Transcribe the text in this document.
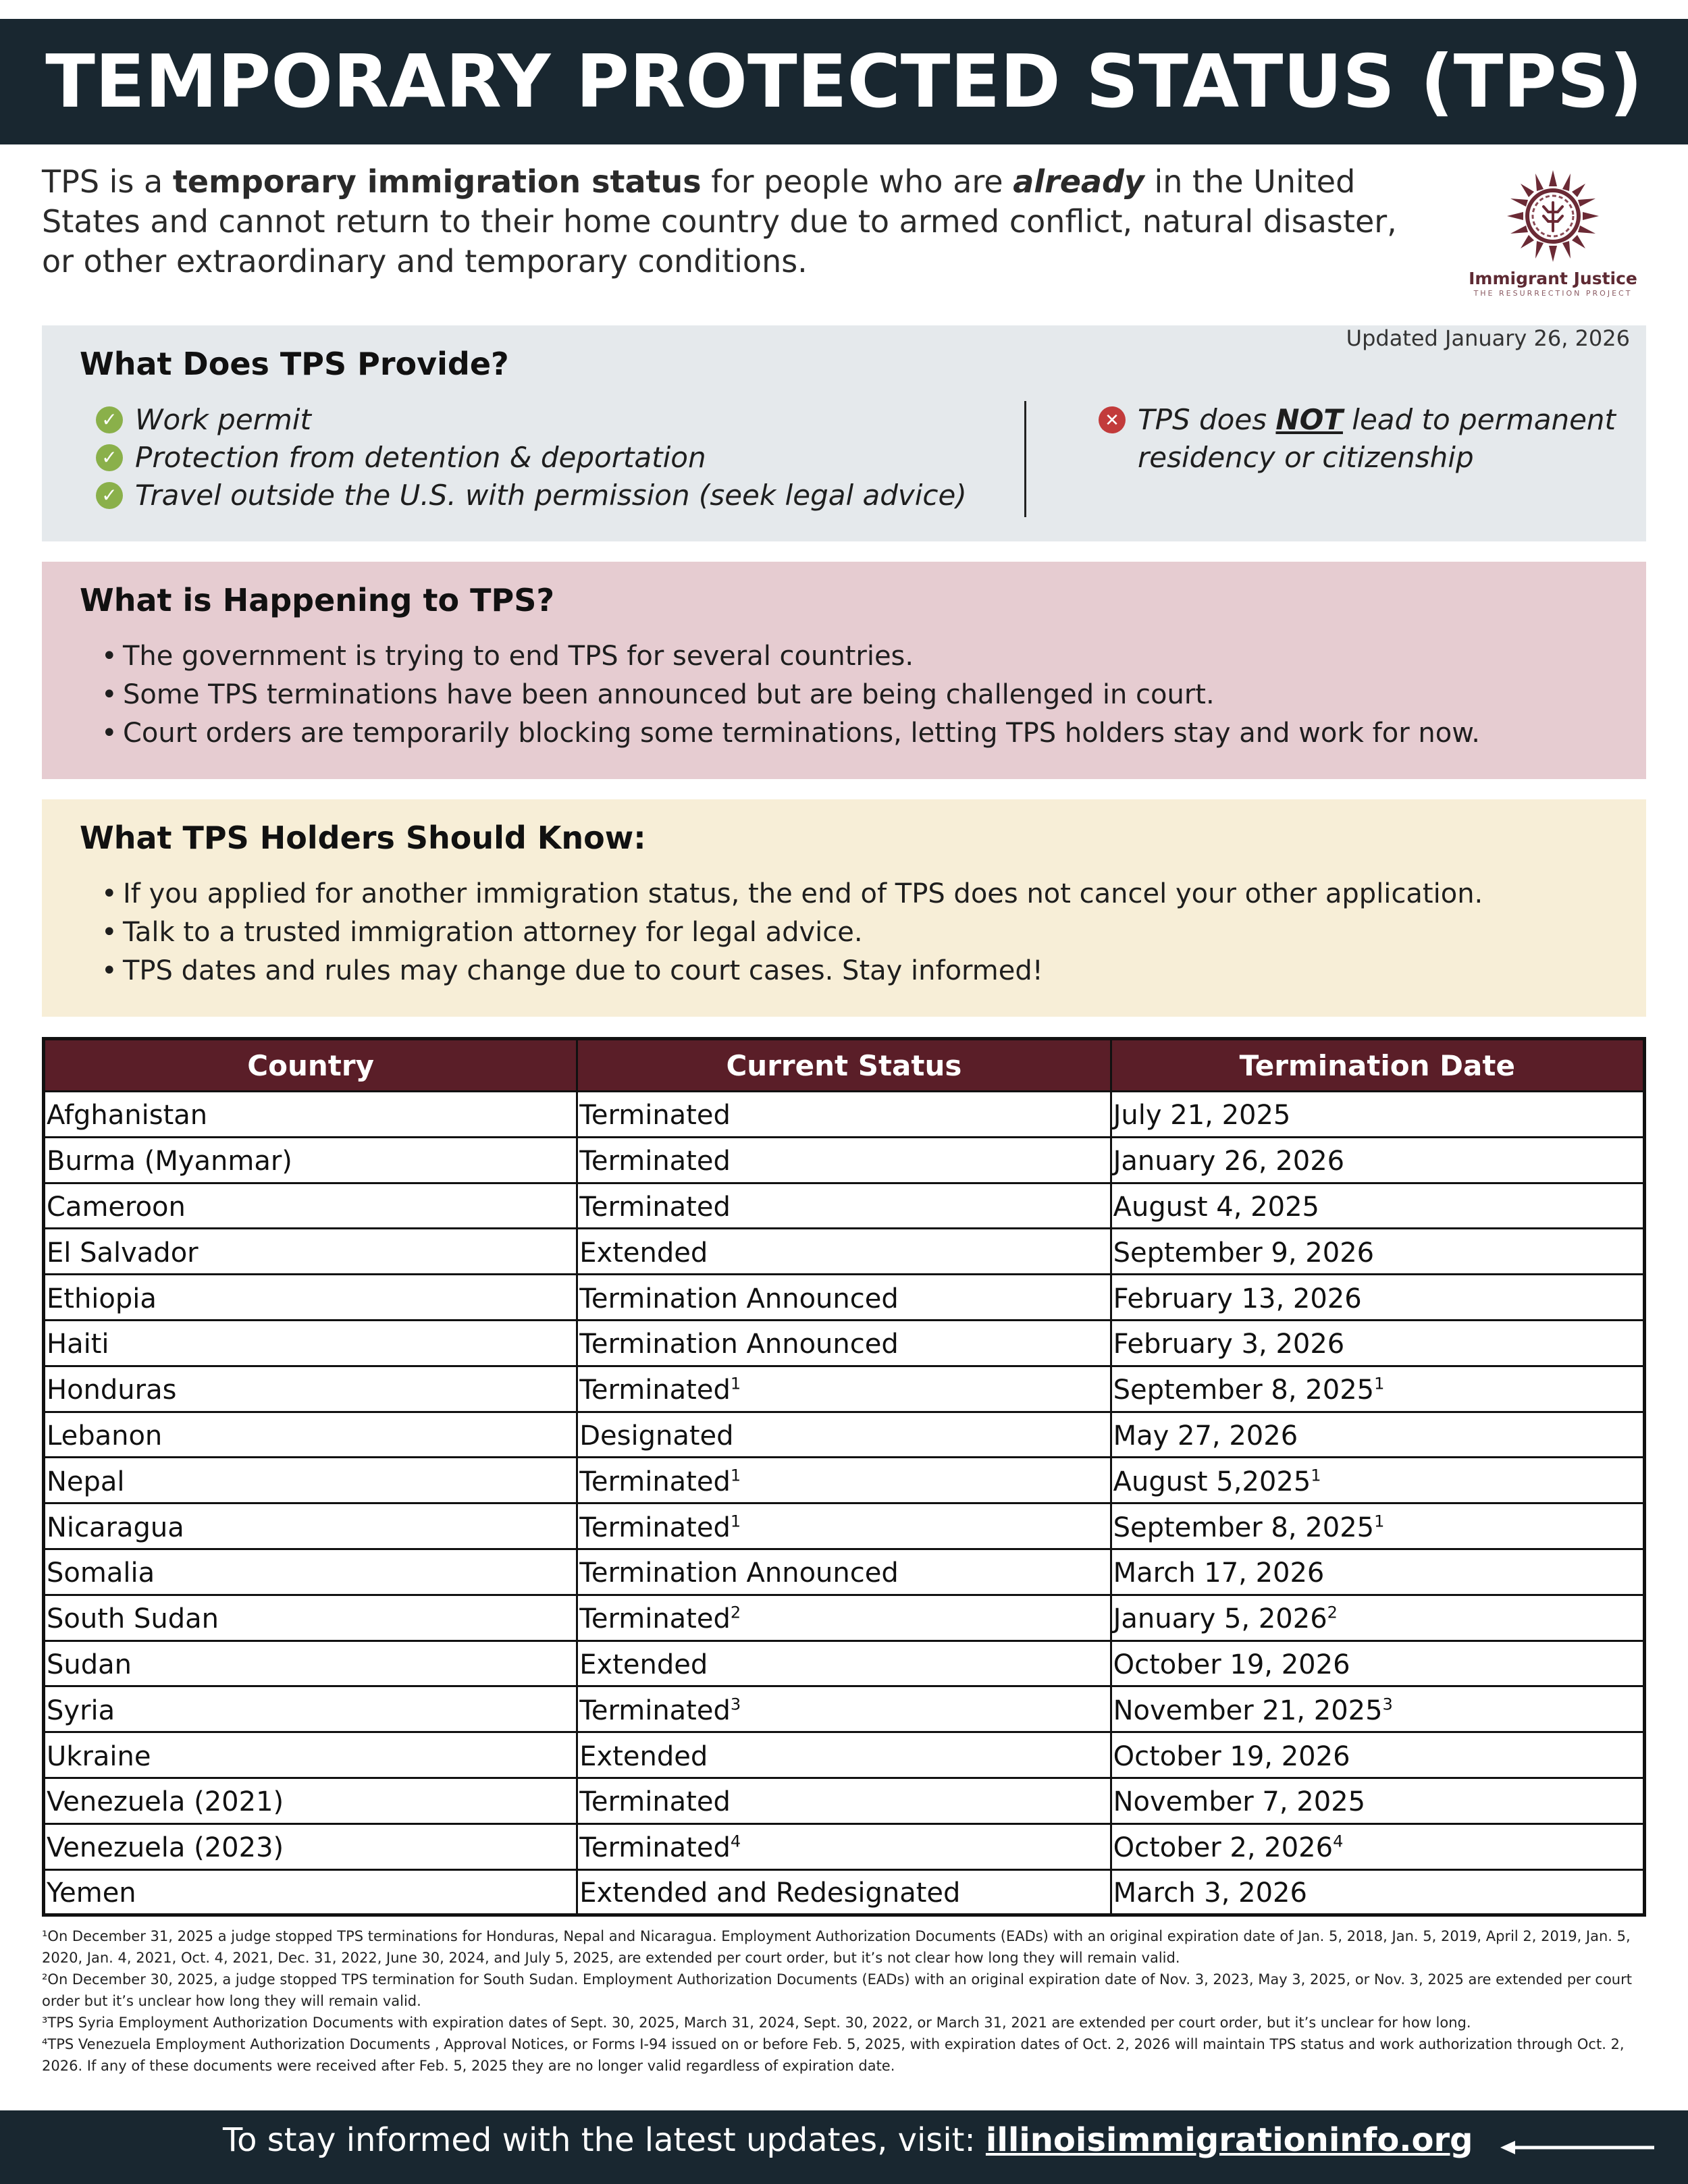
TEMPORARY PROTECTED STATUS (TPS)
TPS is a temporary immigration status for people who are already in the United States and cannot return to their home country due to armed conflict, natural disaster, or other extraordinary and temporary conditions.	Immigrant Justice
THE RESURRECTION PROJECT
Updated January 26, 2026
What Does TPS Provide?
✓ Work permit
✓ Protection from detention & deportation
✓ Travel outside the U.S. with permission (seek legal advice)
✕ TPS does NOT lead to permanent residency or citizenship
What is Happening to TPS?
• The government is trying to end TPS for several countries.
• Some TPS terminations have been announced but are being challenged in court.
• Court orders are temporarily blocking some terminations, letting TPS holders stay and work for now.
What TPS Holders Should Know:
• If you applied for another immigration status, the end of TPS does not cancel your other application.
• Talk to a trusted immigration attorney for legal advice.
• TPS dates and rules may change due to court cases. Stay informed!
Country	Current Status	Termination Date
Afghanistan	Terminated	July 21, 2025
Burma (Myanmar)	Terminated	January 26, 2026
Cameroon	Terminated	August 4, 2025
El Salvador	Extended	September 9, 2026
Ethiopia	Termination Announced	February 13, 2026
Haiti	Termination Announced	February 3, 2026
Honduras	Terminated$^1$	September 8, 2025$^1$
Lebanon	Designated	May 27, 2026
Nepal	Terminated$^1$	August 5,2025$^1$
Nicaragua	Terminated$^1$	September 8, 2025$^1$
Somalia	Termination Announced	March 17, 2026
South Sudan	Terminated$^2$	January 5, 2026$^2$
Sudan	Extended	October 19, 2026
Syria	Terminated$^3$	November 21, 2025$^3$
Ukraine	Extended	October 19, 2026
Venezuela (2021)	Terminated	November 7, 2025
Venezuela (2023)	Terminated$^4$	October 2, 2026$^4$
Yemen	Extended and Redesignated	March 3, 2026

¹On December 31, 2025 a judge stopped TPS terminations for Honduras, Nepal and Nicaragua. Employment Authorization Documents (EADs) with an original expiration date of Jan. 5, 2018, Jan. 5, 2019, April 2, 2019, Jan. 5, 2020, Jan. 4, 2021, Oct. 4, 2021, Dec. 31, 2022, June 30, 2024, and July 5, 2025, are extended per court order, but it’s not clear how long they will remain valid.

²On December 30, 2025, a judge stopped TPS termination for South Sudan. Employment Authorization Documents (EADs) with an original expiration date of Nov. 3, 2023, May 3, 2025, or Nov. 3, 2025 are extended per court order but it’s unclear how long they will remain valid.

³TPS Syria Employment Authorization Documents with expiration dates of Sept. 30, 2025, March 31, 2024, Sept. 30, 2022, or March 31, 2021 are extended per court order, but it’s unclear for how long.

⁴TPS Venezuela Employment Authorization Documents , Approval Notices, or Forms I-94 issued on or before Feb. 5, 2025, with expiration dates of Oct. 2, 2026 will maintain TPS status and work authorization through Oct. 2, 2026. If any of these documents were received after Feb. 5, 2025 they are no longer valid regardless of expiration date.

To stay informed with the latest updates, visit: illinoisimmigrationinfo.org
